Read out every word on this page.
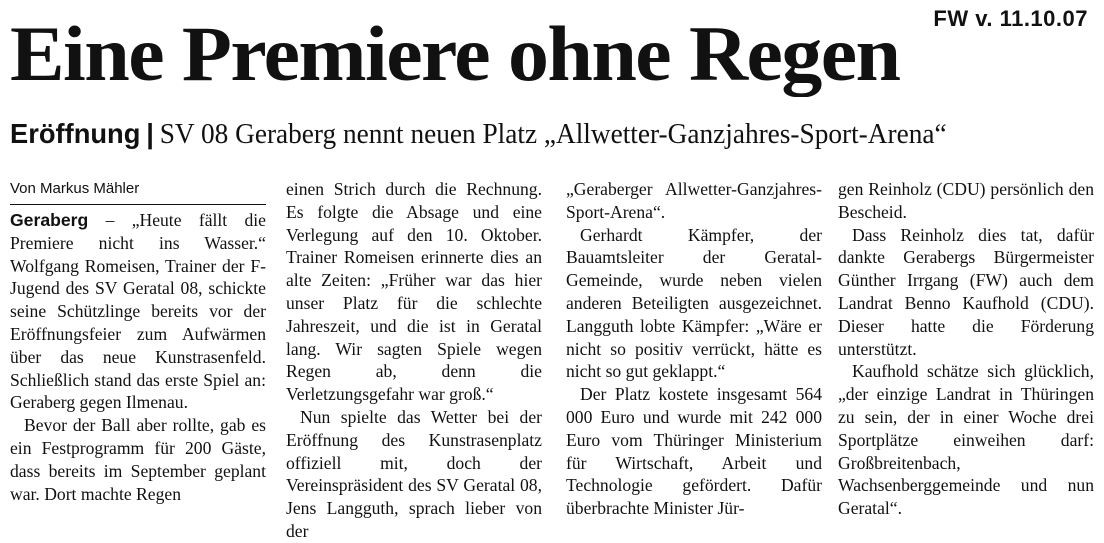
FW v. 11.10.07
Eine Premiere ohne Regen
Eröffnung | SV 08 Geraberg nennt neuen Platz „Allwetter-Ganzjahres-Sport-Arena“
Von Markus Mähler

Geraberg – „Heute fällt die Premiere nicht ins Wasser.“ Wolfgang Romeisen, Trainer der F-Jugend des SV Geratal 08, schickte seine Schützlinge bereits vor der Eröffnungsfeier zum Aufwärmen über das neue Kunstrasenfeld. Schließlich stand das erste Spiel an: Geraberg gegen Ilmenau.

Bevor der Ball aber rollte, gab es ein Festprogramm für 200 Gäste, dass bereits im September geplant war. Dort machte Regen

einen Strich durch die Rechnung. Es folgte die Absage und eine Verlegung auf den 10. Oktober. Trainer Romeisen erinnerte dies an alte Zeiten: „Früher war das hier unser Platz für die schlechte Jahreszeit, und die ist in Geratal lang. Wir sagten Spiele wegen Regen ab, denn die Verletzungsgefahr war groß.“

Nun spielte das Wetter bei der Eröffnung des Kunstrasenplatz offiziell mit, doch der Vereinspräsident des SV Geratal 08, Jens Langguth, sprach lieber von der

„Geraberger Allwetter-Ganzjahres-Sport-Arena“.

Gerhardt Kämpfer, der Bauamtsleiter der Geratal-Gemeinde, wurde neben vielen anderen Beteiligten ausgezeichnet. Langguth lobte Kämpfer: „Wäre er nicht so positiv verrückt, hätte es nicht so gut geklappt.“

Der Platz kostete insgesamt 564 000 Euro und wurde mit 242 000 Euro vom Thüringer Ministerium für Wirtschaft, Arbeit und Technologie gefördert. Dafür überbrachte Minister Jür-

gen Reinholz (CDU) persönlich den Bescheid.

Dass Reinholz dies tat, dafür dankte Gerabergs Bürgermeister Günther Irrgang (FW) auch dem Landrat Benno Kaufhold (CDU). Dieser hatte die Förderung unterstützt.

Kaufhold schätze sich glücklich, „der einzige Landrat in Thüringen zu sein, der in einer Woche drei Sportplätze einweihen darf: Großbreitenbach, Wachsenberggemeinde und nun Geratal“.
